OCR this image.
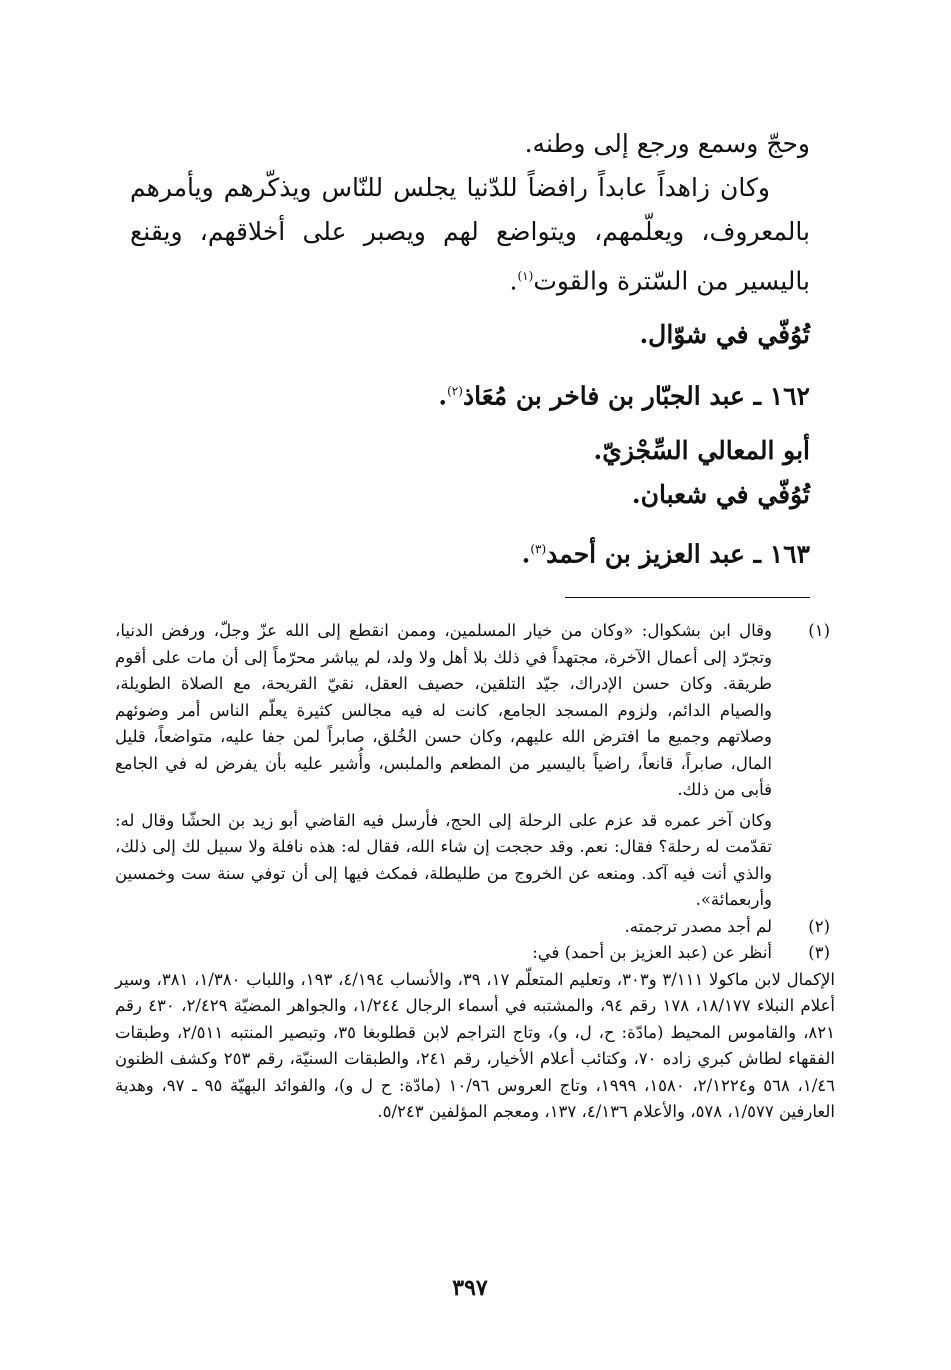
وحجّ وسمع ورجع إلى وطنه.

وكان زاهداً عابداً رافضاً للدّنيا يجلس للنّاس ويذكّرهم ويأمرهم بالمعروف، ويعلّمهم، ويتواضع لهم ويصبر على أخلاقهم، ويقنع باليسير من السّترة والقوت$^{(١)}$.

تُوُفّي في شوّال.

١٦٢ ـ عبد الجبّار بن فاخر بن مُعَاذ$^{(٢)}$.

أبو المعالي السِّجْزيّ.

تُوُفّي في شعبان.

١٦٣ ـ عبد العزيز بن أحمد$^{(٣)}$.

(١)

وقال ابن بشكوال: «وكان من خيار المسلمين، وممن انقطع إلى الله عزّ وجلّ، ورفض الدنيا، وتجرّد إلى أعمال الآخرة، مجتهداً في ذلك بلا أهل ولا ولد، لم يباشر محرّماً إلى أن مات على أقوم طريقة. وكان حسن الإدراك، جيّد التلقين، حصيف العقل، نقيّ القريحة، مع الصلاة الطويلة، والصيام الدائم، ولزوم المسجد الجامع، كانت له فيه مجالس كثيرة يعلّم الناس أمر وضوئهم وصلاتهم وجميع ما افترض الله عليهم، وكان حسن الخُلق، صابراً لمن جفا عليه، متواضعاً، قليل المال، صابراً، قانعاً، راضياً باليسير من المطعم والملبس، وأُشير عليه بأن يفرض له في الجامع فأبى من ذلك.

وكان آخر عمره قد عزم على الرحلة إلى الحج، فأرسل فيه القاضي أبو زيد بن الحشّا وقال له: تقدّمت له رحلة؟ فقال: نعم. وقد حججت إن شاء الله، فقال له: هذه نافلة ولا سبيل لك إلى ذلك، والذي أنت فيه آكد. ومنعه عن الخروج من طليطلة، فمكث فيها إلى أن توفي سنة ست وخمسين وأربعمائة».

(٢)
لم أجد مصدر ترجمته.
(٣)
أنظر عن (عبد العزيز بن أحمد) في:
الإكمال لابن ماكولا ٣/١١١ و٣٠٣، وتعليم المتعلّم ١٧، ٣٩، والأنساب ٤/١٩٤، ١٩٣، واللباب ١/٣٨٠، ٣٨١، وسير أعلام النبلاء ١٨/١٧٧، ١٧٨ رقم ٩٤، والمشتبه في أسماء الرجال ١/٢٤٤، والجواهر المضيّة ٢/٤٢٩، ٤٣٠ رقم ٨٢١، والقاموس المحيط (مادّة: ح، ل، و)، وتاج التراجم لابن قطلوبغا ٣٥، وتبصير المنتبه ٢/٥١١، وطبقات الفقهاء لطاش كبري زاده ٧٠، وكتائب أعلام الأخيار، رقم ٢٤١، والطبقات السنيّة، رقم ٢٥٣ وكشف الظنون ١/٤٦، ٥٦٨ و٢/١٢٢٤، ١٥٨٠، ١٩٩٩، وتاج العروس ١٠/٩٦ (مادّة: ح ل و)، والفوائد البهيّة ٩٥ ـ ٩٧، وهدية العارفين ١/٥٧٧، ٥٧٨، والأعلام ٤/١٣٦، ١٣٧، ومعجم المؤلفين ٥/٢٤٣.
٣٩٧
